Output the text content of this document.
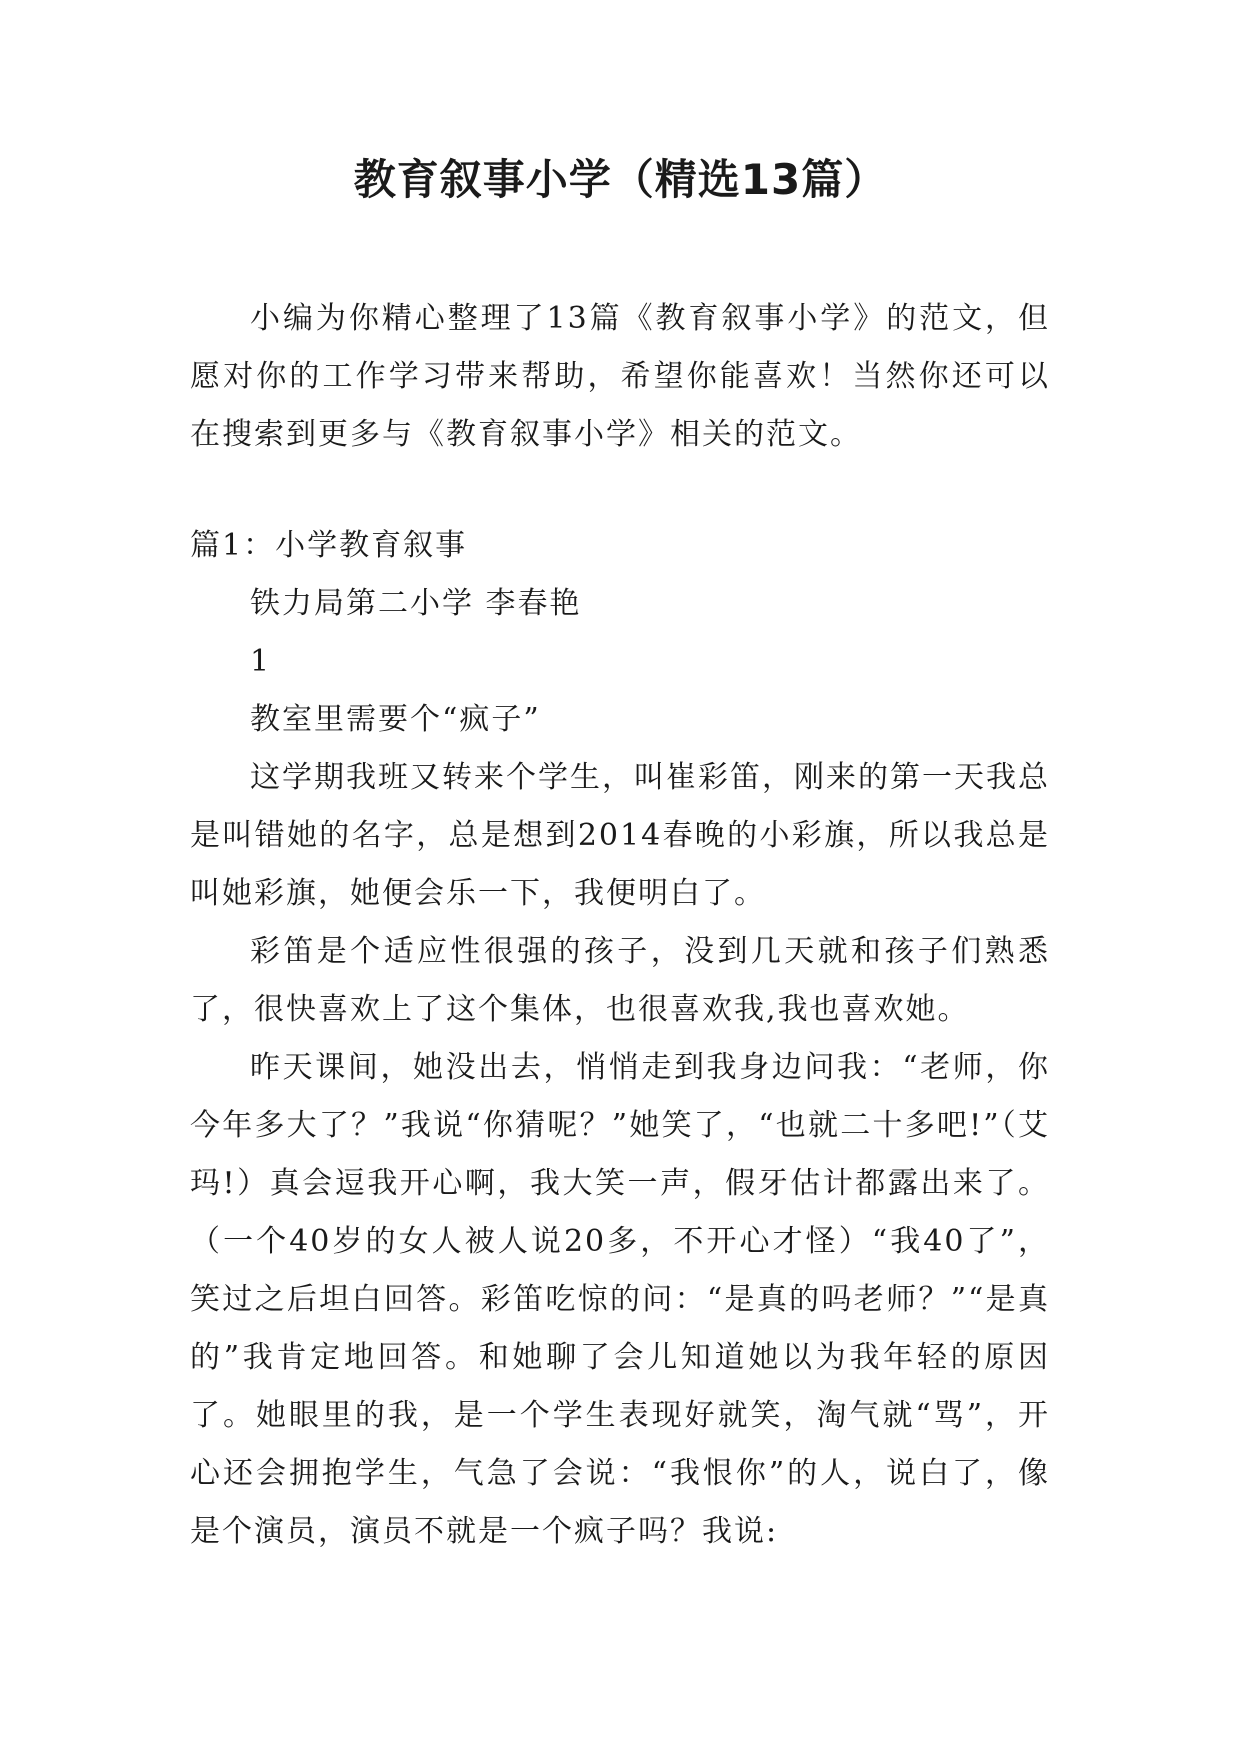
教育叙事小学（精选13篇）

小编为你精心整理了13篇《教育叙事小学》的范文，但愿对你的工作学习带来帮助，希望你能喜欢！当然你还可以在搜索到更多与《教育叙事小学》相关的范文。

篇1：小学教育叙事

铁力局第二小学 李春艳

1

教室里需要个“疯子”

这学期我班又转来个学生，叫崔彩笛，刚来的第一天我总是叫错她的名字，总是想到2014春晚的小彩旗，所以我总是叫她彩旗，她便会乐一下，我便明白了。

彩笛是个适应性很强的孩子，没到几天就和孩子们熟悉了，很快喜欢上了这个集体，也很喜欢我,我也喜欢她。

昨天课间，她没出去，悄悄走到我身边问我：“老师，你今年多大了？”我说“你猜呢？”她笑了，“也就二十多吧!”（艾玛!）真会逗我开心啊，我大笑一声，假牙估计都露出来了。（一个40岁的女人被人说20多，不开心才怪）“我40了”，笑过之后坦白回答。彩笛吃惊的问：“是真的吗老师？”“是真的”我肯定地回答。和她聊了会儿知道她以为我年轻的原因了。她眼里的我，是一个学生表现好就笑，淘气就“骂”，开心还会拥抱学生，气急了会说：“我恨你”的人，说白了，像是个演员，演员不就是一个疯子吗？我说:
